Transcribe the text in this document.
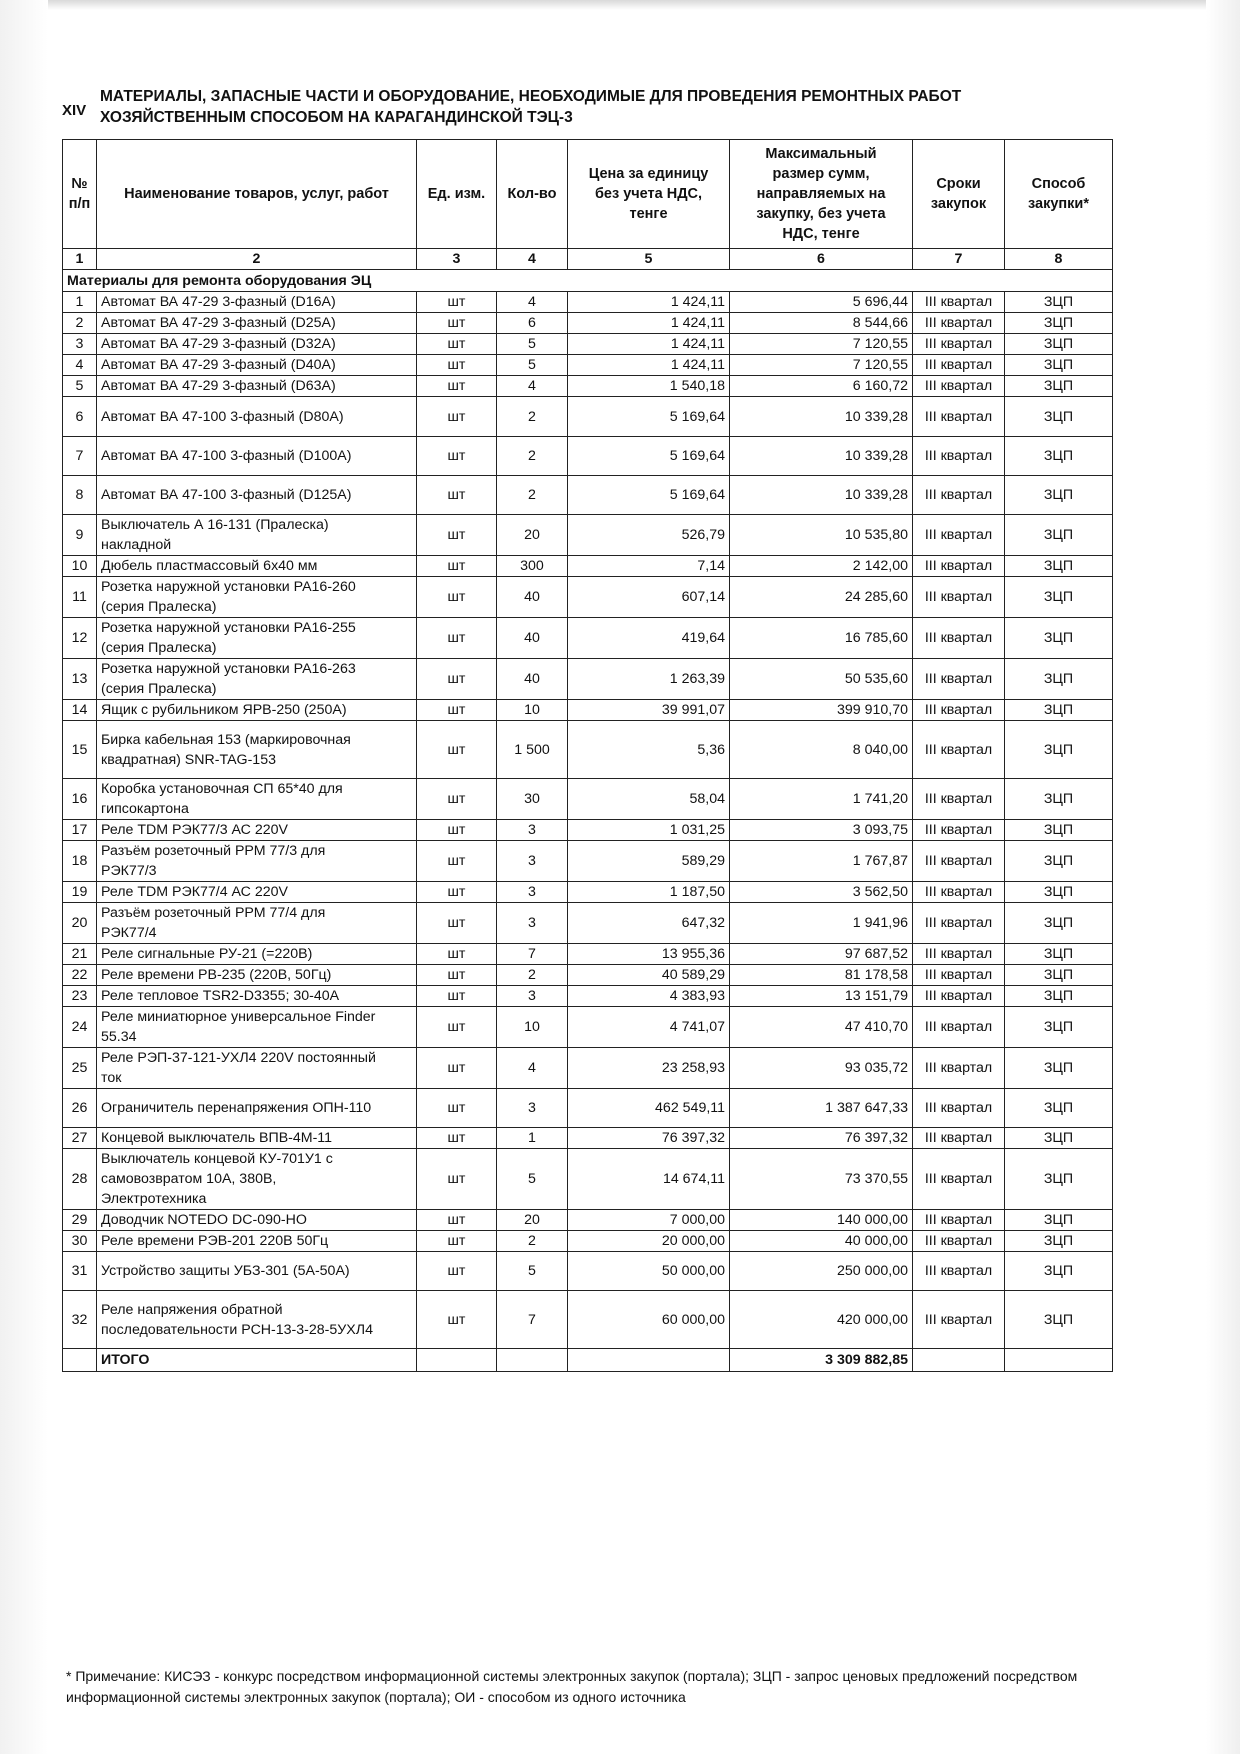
XIV
МАТЕРИАЛЫ, ЗАПАСНЫЕ ЧАСТИ И ОБОРУДОВАНИЕ, НЕОБХОДИМЫЕ ДЛЯ ПРОВЕДЕНИЯ РЕМОНТНЫХ РАБОТ
ХОЗЯЙСТВЕННЫМ СПОСОБОМ НА КАРАГАНДИНСКОЙ ТЭЦ-3
№
п/п	Наименование товаров, услуг, работ	Ед. изм.	Кол-во	Цена за единицу
без учета НДС,
тенге	Максимальный
размер сумм,
направляемых на
закупку, без учета
НДС, тенге	Сроки
закупок	Способ
закупки*
1	2	3	4	5	6	7	8
Материалы для ремонта оборудования ЭЦ							
1	Автомат ВА 47-29 3-фазный (D16A)	шт	4	1 424,11	5 696,44	III квартал	ЗЦП
2	Автомат ВА 47-29 3-фазный (D25A)	шт	6	1 424,11	8 544,66	III квартал	ЗЦП
3	Автомат ВА 47-29 3-фазный (D32A)	шт	5	1 424,11	7 120,55	III квартал	ЗЦП
4	Автомат ВА 47-29 3-фазный (D40A)	шт	5	1 424,11	7 120,55	III квартал	ЗЦП
5	Автомат ВА 47-29 3-фазный (D63A)	шт	4	1 540,18	6 160,72	III квартал	ЗЦП
6	Автомат ВА 47-100 3-фазный (D80A)	шт	2	5 169,64	10 339,28	III квартал	ЗЦП
7	Автомат ВА 47-100 3-фазный (D100A)	шт	2	5 169,64	10 339,28	III квартал	ЗЦП
8	Автомат ВА 47-100 3-фазный (D125A)	шт	2	5 169,64	10 339,28	III квартал	ЗЦП
9	Выключатель А 16-131 (Пралеска)
накладной	шт	20	526,79	10 535,80	III квартал	ЗЦП
10	Дюбель пластмассовый 6х40 мм	шт	300	7,14	2 142,00	III квартал	ЗЦП
11	Розетка наружной установки РА16-260
(серия Пралеска)	шт	40	607,14	24 285,60	III квартал	ЗЦП
12	Розетка наружной установки РА16-255
(серия Пралеска)	шт	40	419,64	16 785,60	III квартал	ЗЦП
13	Розетка наружной установки РА16-263
(серия Пралеска)	шт	40	1 263,39	50 535,60	III квартал	ЗЦП
14	Ящик с рубильником ЯРВ-250 (250А)	шт	10	39 991,07	399 910,70	III квартал	ЗЦП
15	Бирка кабельная 153 (маркировочная
квадратная) SNR-TAG-153	шт	1 500	5,36	8 040,00	III квартал	ЗЦП
16	Коробка установочная СП 65*40 для
гипсокартона	шт	30	58,04	1 741,20	III квартал	ЗЦП
17	Реле TDM РЭК77/3 АС 220V	шт	3	1 031,25	3 093,75	III квартал	ЗЦП
18	Разъём розеточный РРМ 77/3 для
РЭК77/3	шт	3	589,29	1 767,87	III квартал	ЗЦП
19	Реле TDM РЭК77/4 АС 220V	шт	3	1 187,50	3 562,50	III квартал	ЗЦП
20	Разъём розеточный РРМ 77/4 для
РЭК77/4	шт	3	647,32	1 941,96	III квартал	ЗЦП
21	Реле сигнальные РУ-21 (=220В)	шт	7	13 955,36	97 687,52	III квартал	ЗЦП
22	Реле времени РВ-235 (220В, 50Гц)	шт	2	40 589,29	81 178,58	III квартал	ЗЦП
23	Реле тепловое TSR2-D3355; 30-40А	шт	3	4 383,93	13 151,79	III квартал	ЗЦП
24	Реле миниатюрное универсальное Finder
55.34	шт	10	4 741,07	47 410,70	III квартал	ЗЦП
25	Реле РЭП-37-121-УХЛ4 220V постоянный
ток	шт	4	23 258,93	93 035,72	III квартал	ЗЦП
26	Ограничитель перенапряжения ОПН-110	шт	3	462 549,11	1 387 647,33	III квартал	ЗЦП
27	Концевой выключатель ВПВ-4М-11	шт	1	76 397,32	76 397,32	III квартал	ЗЦП
28	Выключатель концевой КУ-701У1 с
самовозвратом 10А, 380В,
Электротехника	шт	5	14 674,11	73 370,55	III квартал	ЗЦП
29	Доводчик NOTEDO DC-090-HO	шт	20	7 000,00	140 000,00	III квартал	ЗЦП
30	Реле времени РЭВ-201 220В 50Гц	шт	2	20 000,00	40 000,00	III квартал	ЗЦП
31	Устройство защиты УБЗ-301 (5А-50А)	шт	5	50 000,00	250 000,00	III квартал	ЗЦП
32	Реле напряжения обратной
последовательности РСН-13-3-28-5УХЛ4	шт	7	60 000,00	420 000,00	III квартал	ЗЦП
	ИТОГО				3 309 882,85		
* Примечание: КИСЭЗ - конкурс посредством информационной системы электронных закупок (портала); ЗЦП - запрос ценовых предложений посредством информационной системы электронных закупок (портала); ОИ - способом из одного источника
